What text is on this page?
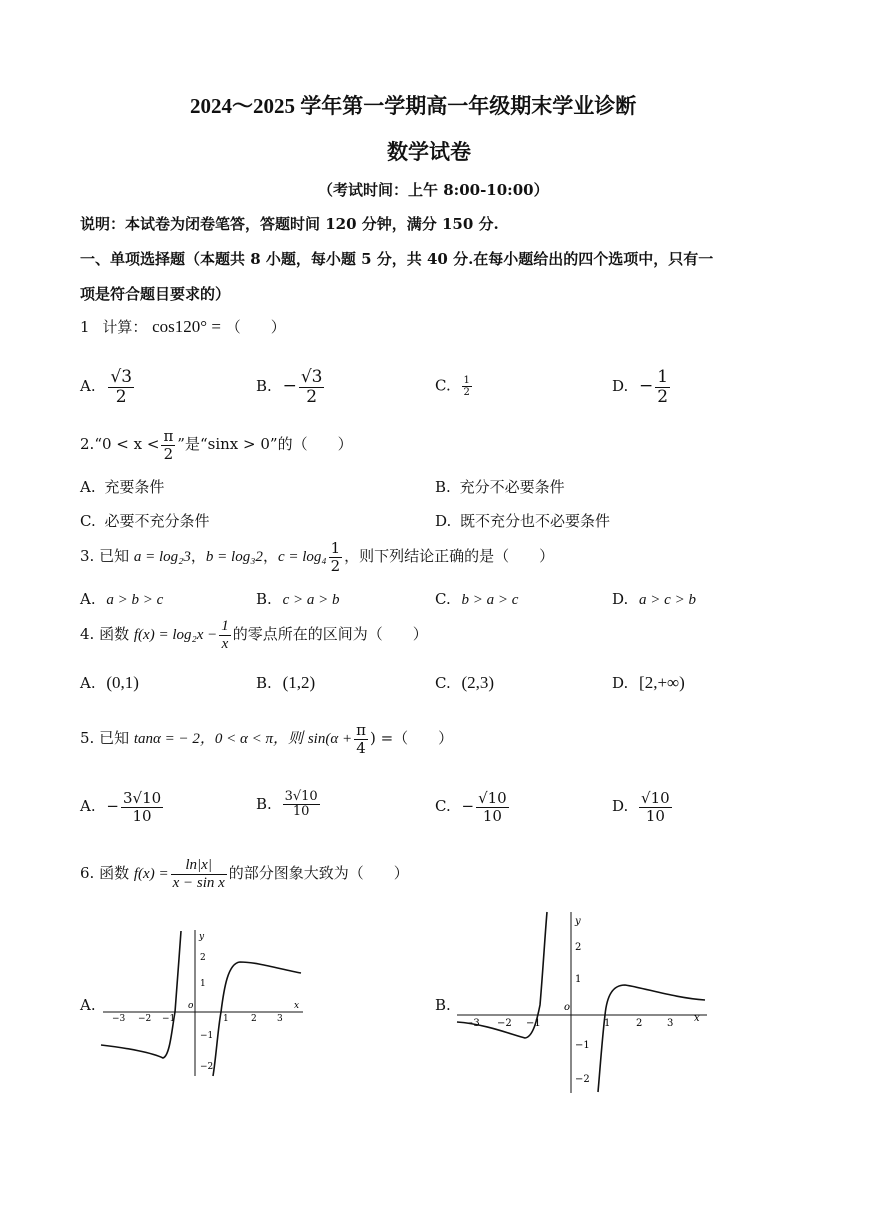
2024～2025 学年第一学期高一年级期末学业诊断
数学试卷
（考试时间：上午 8:00-10:00）
说明：本试卷为闭卷笔答，答题时间 120 分钟，满分 150 分.
一、单项选择题（本题共 8 小题，每小题 5 分，共 40 分.在每小题给出的四个选项中，只有一
项是符合题目要求的）
1 计算： cos120° = （　　）
A. $\frac{√3}{2}$	B. − $\frac{√3}{2}$	C. $\frac{1}{2}$	D. − $\frac{1}{2}$
2.“0 < $x < \frac{\pi}{2}$ ”是“sinx > 0”的（　　）
A. 充要条件	B. 充分不必要条件
C. 必要不充分条件	D. 既不充分也不必要条件
3. 已知 a = log₂3，b = log₃2，$c = \log_4 \frac{1}{2}$ ，则下列结论正确的是（　　）
A. a > b > c	B. c > a > b	C. b > a > c	D. a > c > b
4. 函数 $f(x) = \log_2x - \frac{1}{x}$ 的零点所在的区间为（　　）
A. (0,1)	B. (1,2)	C. (2,3)	D. [2,+∞)
5. 已知 tanα = − 2，0 < α < π，则 $\sin(\alpha + \frac{\pi}{4}$ ) =（　　）
A. − $\frac{3√10}{10}$	B. $\frac{3√10}{10}$	C. − $\frac{√10}{10}$	D. $\frac{√10}{10}$
6. 函数 $f(x) = \frac{\ln|x|}{\text{x − sin x}}$ 的部分图象大致为（　　）
A.	B.
y
x
o
−3 −2 −1	1 2 3
2
1
−1
−2
y
x
o
−3 −2 −1	1	2 3
2
1
−1
−2
